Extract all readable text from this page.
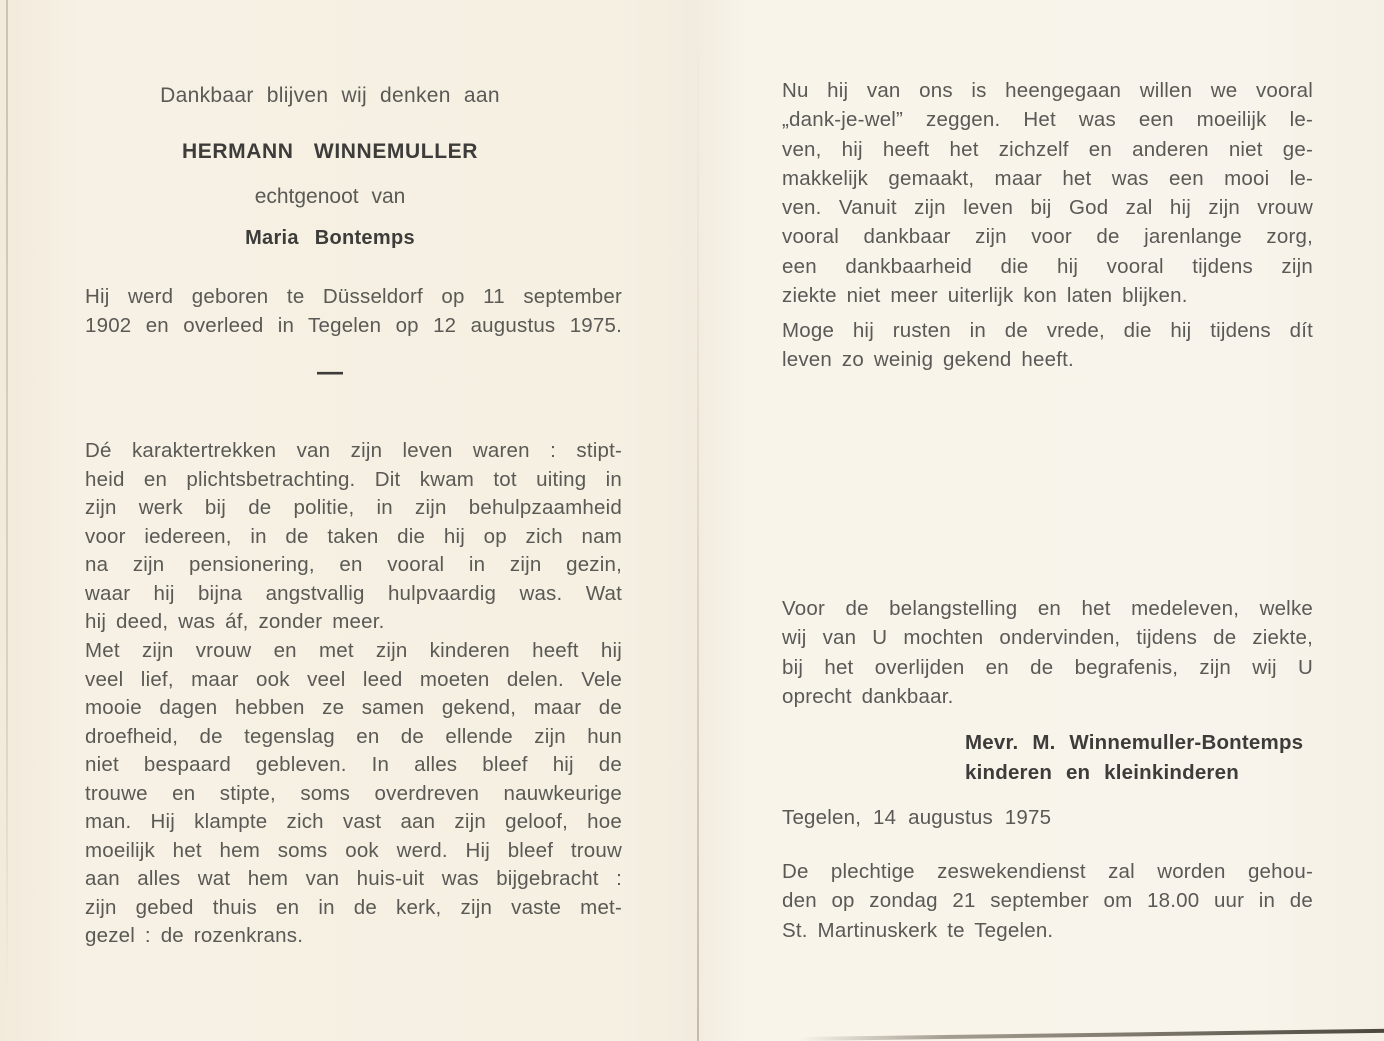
Dankbaar blijven wij denken aan
HERMANN WINNEMULLER
echtgenoot van
Maria Bontemps
Hij werd geboren te Düsseldorf op 11 september
1902 en overleed in Tegelen op 12 augustus 1975.
—
Dé karaktertrekken van zijn leven waren : stipt-
heid en plichtsbetrachting. Dit kwam tot uiting in
zijn werk bij de politie, in zijn behulpzaamheid
voor iedereen, in de taken die hij op zich nam
na zijn pensionering, en vooral in zijn gezin,
waar hij bijna angstvallig hulpvaardig was. Wat
hij deed, was áf, zonder meer.
Met zijn vrouw en met zijn kinderen heeft hij
veel lief, maar ook veel leed moeten delen. Vele
mooie dagen hebben ze samen gekend, maar de
droefheid, de tegenslag en de ellende zijn hun
niet bespaard gebleven. In alles bleef hij de
trouwe en stipte, soms overdreven nauwkeurige
man. Hij klampte zich vast aan zijn geloof, hoe
moeilijk het hem soms ook werd. Hij bleef trouw
aan alles wat hem van huis-uit was bijgebracht :
zijn gebed thuis en in de kerk, zijn vaste met-
gezel : de rozenkrans.
Nu hij van ons is heengegaan willen we vooral
„dank-je-wel” zeggen. Het was een moeilijk le-
ven, hij heeft het zichzelf en anderen niet ge-
makkelijk gemaakt, maar het was een mooi le-
ven. Vanuit zijn leven bij God zal hij zijn vrouw
vooral dankbaar zijn voor de jarenlange zorg,
een dankbaarheid die hij vooral tijdens zijn
ziekte niet meer uiterlijk kon laten blijken.
Moge hij rusten in de vrede, die hij tijdens dít
leven zo weinig gekend heeft.
Voor de belangstelling en het medeleven, welke
wij van U mochten ondervinden, tijdens de ziekte,
bij het overlijden en de begrafenis, zijn wij U
oprecht dankbaar.
Mevr. M. Winnemuller-Bontemps
kinderen en kleinkinderen
Tegelen, 14 augustus 1975
De plechtige zeswekendienst zal worden gehou-
den op zondag 21 september om 18.00 uur in de
St. Martinuskerk te Tegelen.
